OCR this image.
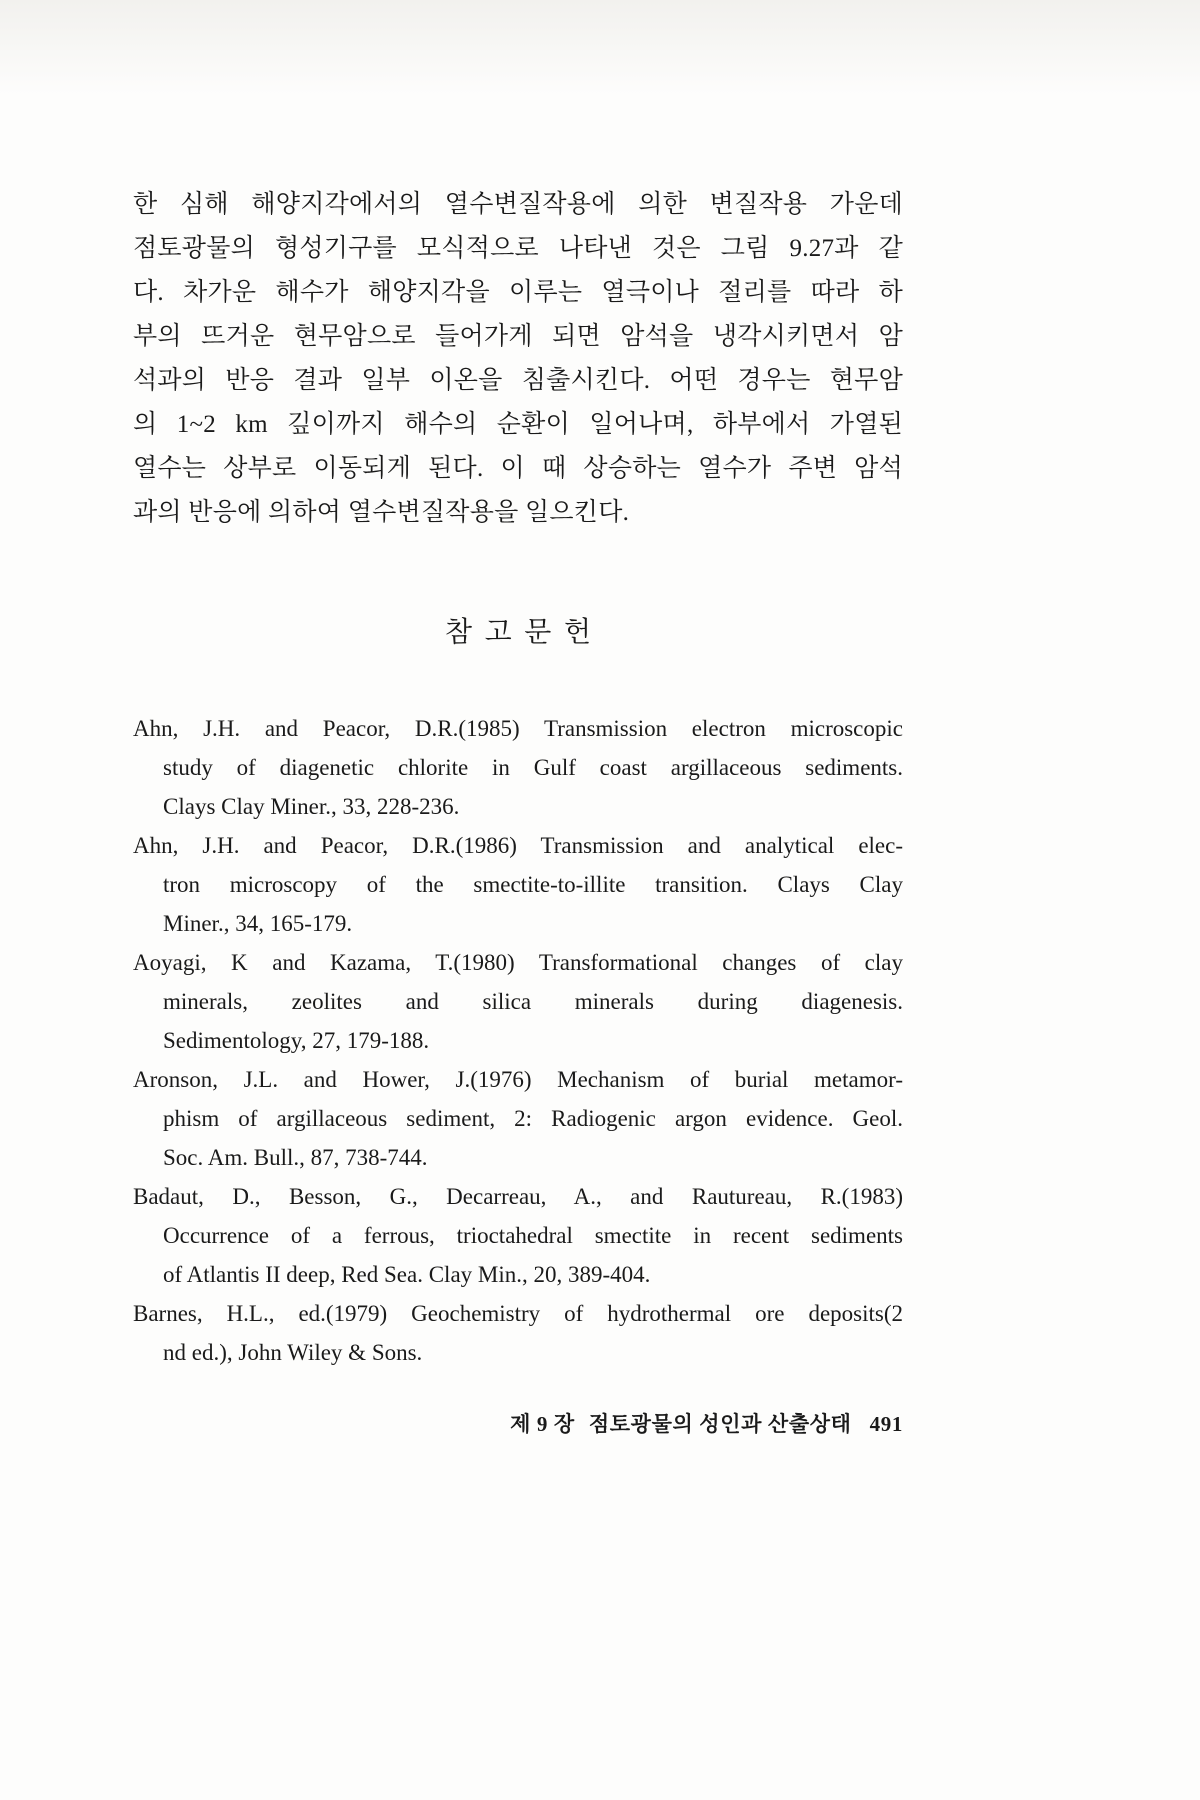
한 심해 해양지각에서의 열수변질작용에 의한 변질작용 가운데
점토광물의 형성기구를 모식적으로 나타낸 것은 그림 9.27과 같
다. 차가운 해수가 해양지각을 이루는 열극이나 절리를 따라 하
부의 뜨거운 현무암으로 들어가게 되면 암석을 냉각시키면서 암
석과의 반응 결과 일부 이온을 침출시킨다. 어떤 경우는 현무암
의 1~2 km 깊이까지 해수의 순환이 일어나며, 하부에서 가열된
열수는 상부로 이동되게 된다. 이 때 상승하는 열수가 주변 암석
과의 반응에 의하여 열수변질작용을 일으킨다.
참고문헌
Ahn, J.H. and Peacor, D.R.(1985) Transmission electron microscopic
study of diagenetic chlorite in Gulf coast argillaceous sediments.
Clays Clay Miner., 33, 228-236.
Ahn, J.H. and Peacor, D.R.(1986) Transmission and analytical elec-
tron microscopy of the smectite-to-illite transition. Clays Clay
Miner., 34, 165-179.
Aoyagi, K and Kazama, T.(1980) Transformational changes of clay
minerals, zeolites and silica minerals during diagenesis.
Sedimentology, 27, 179-188.
Aronson, J.L. and Hower, J.(1976) Mechanism of burial metamor-
phism of argillaceous sediment, 2: Radiogenic argon evidence. Geol.
Soc. Am. Bull., 87, 738-744.
Badaut, D., Besson, G., Decarreau, A., and Rautureau, R.(1983)
Occurrence of a ferrous, trioctahedral smectite in recent sediments
of Atlantis II deep, Red Sea. Clay Min., 20, 389-404.
Barnes, H.L., ed.(1979) Geochemistry of hydrothermal ore deposits(2
nd ed.), John Wiley & Sons.
제 9 장 점토광물의 성인과 산출상태 491
